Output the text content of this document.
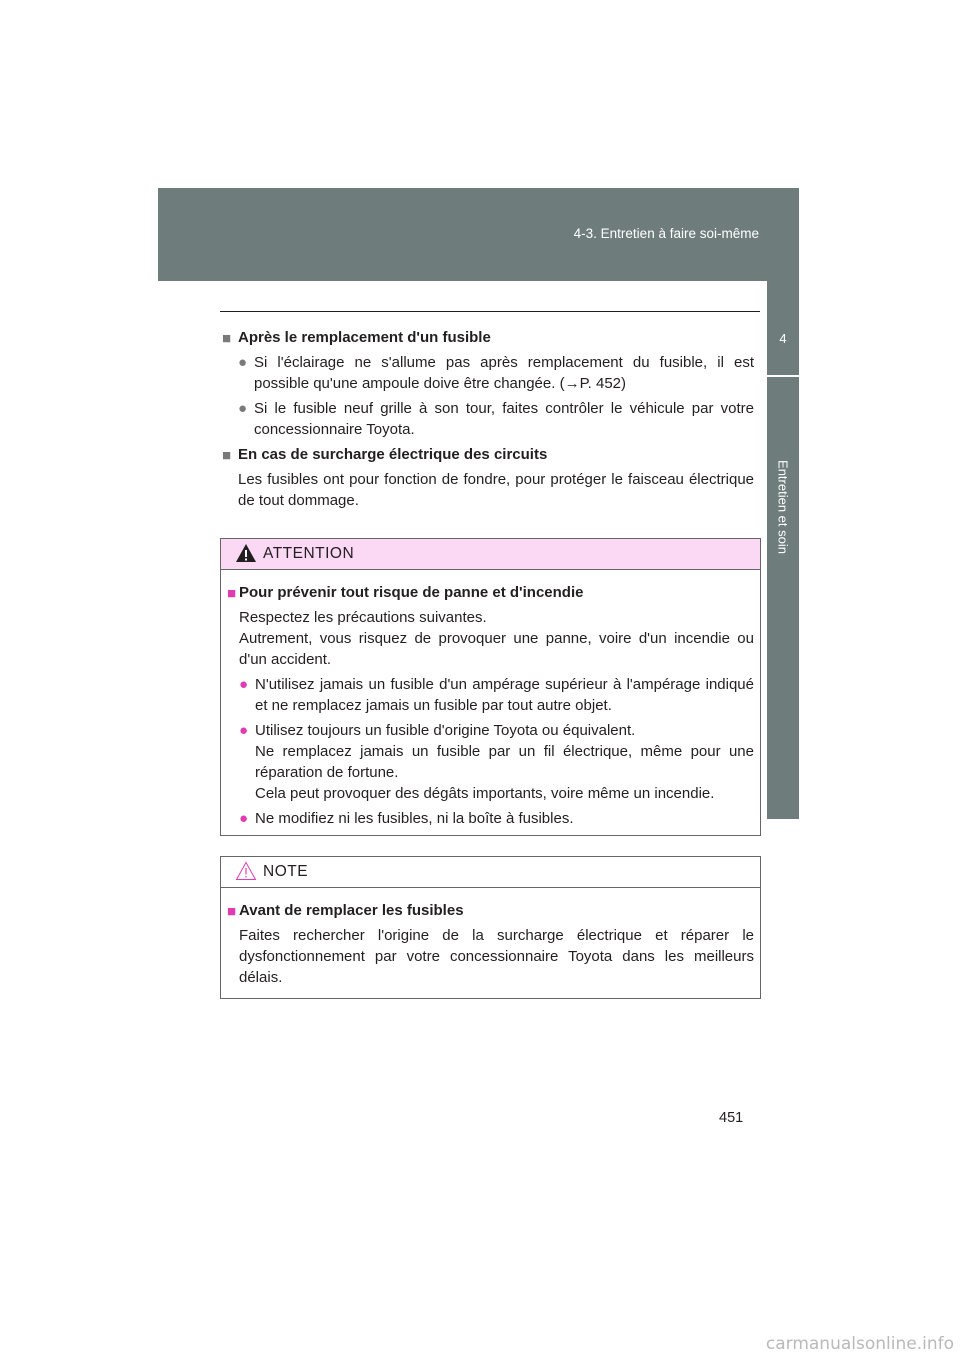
4-3. Entretien à faire soi-même
4
Entretien et soin

■ Après le remplacement d'un fusible

● Si l'éclairage ne s'allume pas après remplacement du fusible, il est possible qu'une ampoule doive être changée. (→P. 452)

● Si le fusible neuf grille à son tour, faites contrôler le véhicule par votre concessionnaire Toyota.

■ En cas de surcharge électrique des circuits

Les fusibles ont pour fonction de fondre, pour protéger le faisceau électrique de tout dommage.

ATTENTION

■ Pour prévenir tout risque de panne et d'incendie

Respectez les précautions suivantes.
Autrement, vous risquez de provoquer une panne, voire d'un incendie ou d'un accident.

● N'utilisez jamais un fusible d'un ampérage supérieur à l'ampérage indiqué et ne remplacez jamais un fusible par tout autre objet.

● Utilisez toujours un fusible d'origine Toyota ou équivalent.
Ne remplacez jamais un fusible par un fil électrique, même pour une réparation de fortune.
Cela peut provoquer des dégâts importants, voire même un incendie.

● Ne modifiez ni les fusibles, ni la boîte à fusibles.

NOTE

■ Avant de remplacer les fusibles

Faites rechercher l'origine de la surcharge électrique et réparer le dysfonctionnement par votre concessionnaire Toyota dans les meilleurs délais.

451
carmanualsonline.info
